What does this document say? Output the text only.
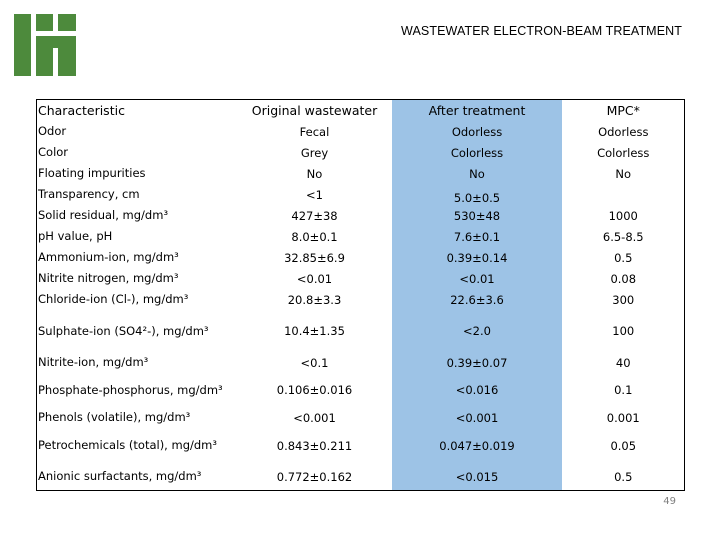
WASTEWATER ELECTRON-BEAM TREATMENT
Characteristic	Original wastewater	After treatment	MPC*
Odor	Fecal	Odorless	Odorless
Color	Grey	Colorless	Colorless
Floating impurities	No	No	No
Transparency, cm	<1	5.0±0.5	
Solid residual, mg/dm³	427±38	530±48	1000
pH value, pH	8.0±0.1	7.6±0.1	6.5-8.5
Ammonium-ion, mg/dm³	32.85±6.9	0.39±0.14	0.5
Nitrite nitrogen, mg/dm³	<0.01	<0.01	0.08
Chloride-ion (Cl-), mg/dm³	20.8±3.3	22.6±3.6	300
Sulphate-ion (SO4²-), mg/dm³	10.4±1.35	<2.0	100
Nitrite-ion, mg/dm³	<0.1	0.39±0.07	40
Phosphate-phosphorus, mg/dm³	0.106±0.016	<0.016	0.1
Phenols (volatile), mg/dm³	<0.001	<0.001	0.001
Petrochemicals (total), mg/dm³	0.843±0.211	0.047±0.019	0.05
Anionic surfactants, mg/dm³	0.772±0.162	<0.015	0.5
49
